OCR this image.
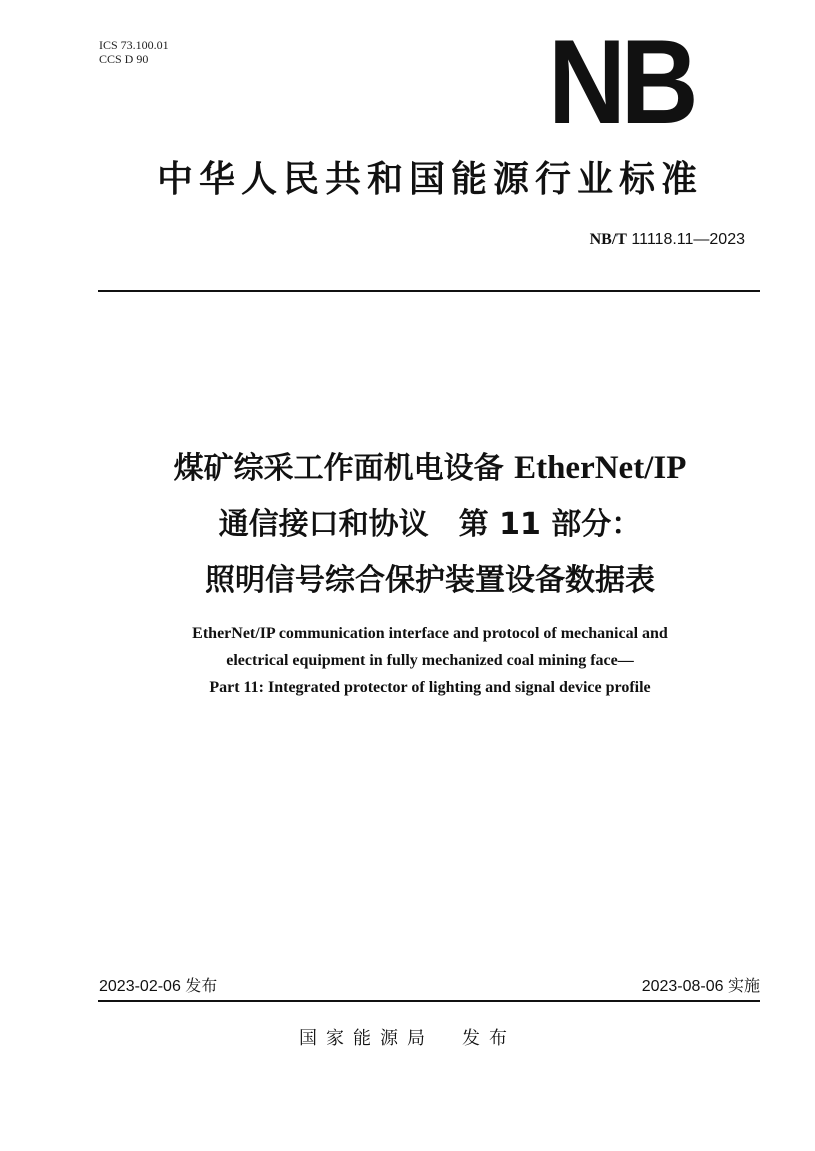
ICS 73.100.01
CCS D 90	NB
中华人民共和国能源行业标准
NB/T 11118.11—2023
煤矿综采工作面机电设备 EtherNet/IP
通信接口和协议　第 11 部分：
照明信号综合保护装置设备数据表
EtherNet/IP communication interface and protocol of mechanical and
electrical equipment in fully mechanized coal mining face—
Part 11: Integrated protector of lighting and signal device profile
2023-02-06 发布	2023-08-06 实施
国家能源局 发布
